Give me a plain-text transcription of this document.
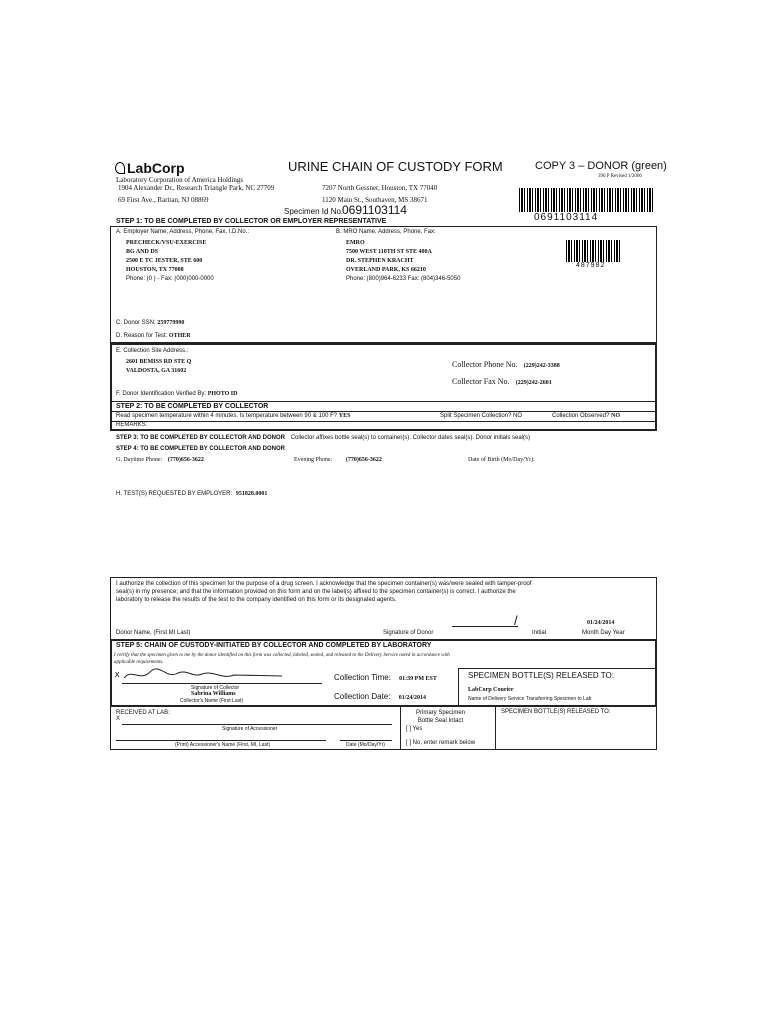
LabCorp
Laboratory Corporation of America Holdings
1904 Alexander Dr., Research Triangle Park, NC 27709
69 First Ave., Raritan, NJ 08869
7207 North Gessner, Houston, TX 77040
1120 Main St., Southaven, MS 38671
URINE CHAIN OF CUSTODY FORM	COPY 3 – DONOR (green)
390 P Revised 1/2006
0691103114
Specimen Id No.
0691103114
STEP 1: TO BE COMPLETED BY COLLECTOR OR EMPLOYER REPRESENTATIVE
A. Employer Name, Address, Phone, Fax, I.D.No.:
PRECHECK/VSU-EXERCISE
BG AND DS
2500 E TC JESTER, STE 600
HOUSTON, TX 77008
Phone: (0 ) - Fax: (000)000-0000
B. MRO Name, Address, Phone, Fax:
EMRO
7500 WEST 110TH ST STE 400A
DR. STEPHEN KRACHT
OVERLAND PARK, KS 66210
Phone: (800)964-6233 Fax: (804)346-5050
487982
C. Donor SSN: 259779990
D. Reason for Test: OTHER
E. Collection Site Address.:
2601 BEMISS RD STE Q
VALDOSTA, GA 31602
Collector Phone No. (229)242-3388
Collector Fax No. (229)242-2601
F. Donor Identification Verified By: PHOTO ID
STEP 2: TO BE COMPLETED BY COLLECTOR
Read specimen temperature within 4 minutes. Is temperature between 90 & 100 F? YES	Split Specimen Collection? NO	Collection Observed? NO
REMARKS:
STEP 3: TO BE COMPLETED BY COLLECTOR AND DONOR Collector affixes bottle seal(s) to container(s). Collector dates seal(s). Donor initials seal(s)
STEP 4: TO BE COMPLETED BY COLLECTOR AND DONOR
G. Daytime Phone: (770)656-3622	Evening Phone: (770)656-3622	Date of Birth (Mo/Day/Yr):
H. TEST(S) REQUESTED BY EMPLOYER: 951828.0001
I authorize the collection of this specimen for the purpose of a drug screen. I acknowledge that the specimen container(s) was/were sealed with tamper-proof
seal(s) in my presence; and that the information provided on this form and on the label(s) affixed to the specimen container(s) is correct. I authorize the
laboratory to release the results of the test to the company identified on this form or its designated agents.
/	01/24/2014
Donor Name, (First MI Last)	Signature of Donor	Initial	Month Day Year
STEP 5: CHAIN OF CUSTODY-INITIATED BY COLLECTOR AND COMPLETED BY LABORATORY
I certify that the specimen given to me by the donor identified on this form was collected, labeled, sealed, and released to the Delivery Service noted in accordance with
applicable requirements.
x
Signature of Collector
Sabrina Williams
Collector's Name (First Last)
Collection Time: 01:39 PM EST
Collection Date: 01/24/2014
SPECIMEN BOTTLE(S) RELEASED TO:
LabCorp Courier
Name of Delivery Service Transferring Specimen to Lab
RECEIVED AT LAB:
X
Signature of Accessioner
(Print) Accessioner's Name (First, MI, Last)	Date (Mo/Day/Yr)
Primary Specimen
Bottle Seal Intact
[ ] Yes
[ ] No, enter remark below
SPECIMEN BOTTLE(S) RELEASED TO:
